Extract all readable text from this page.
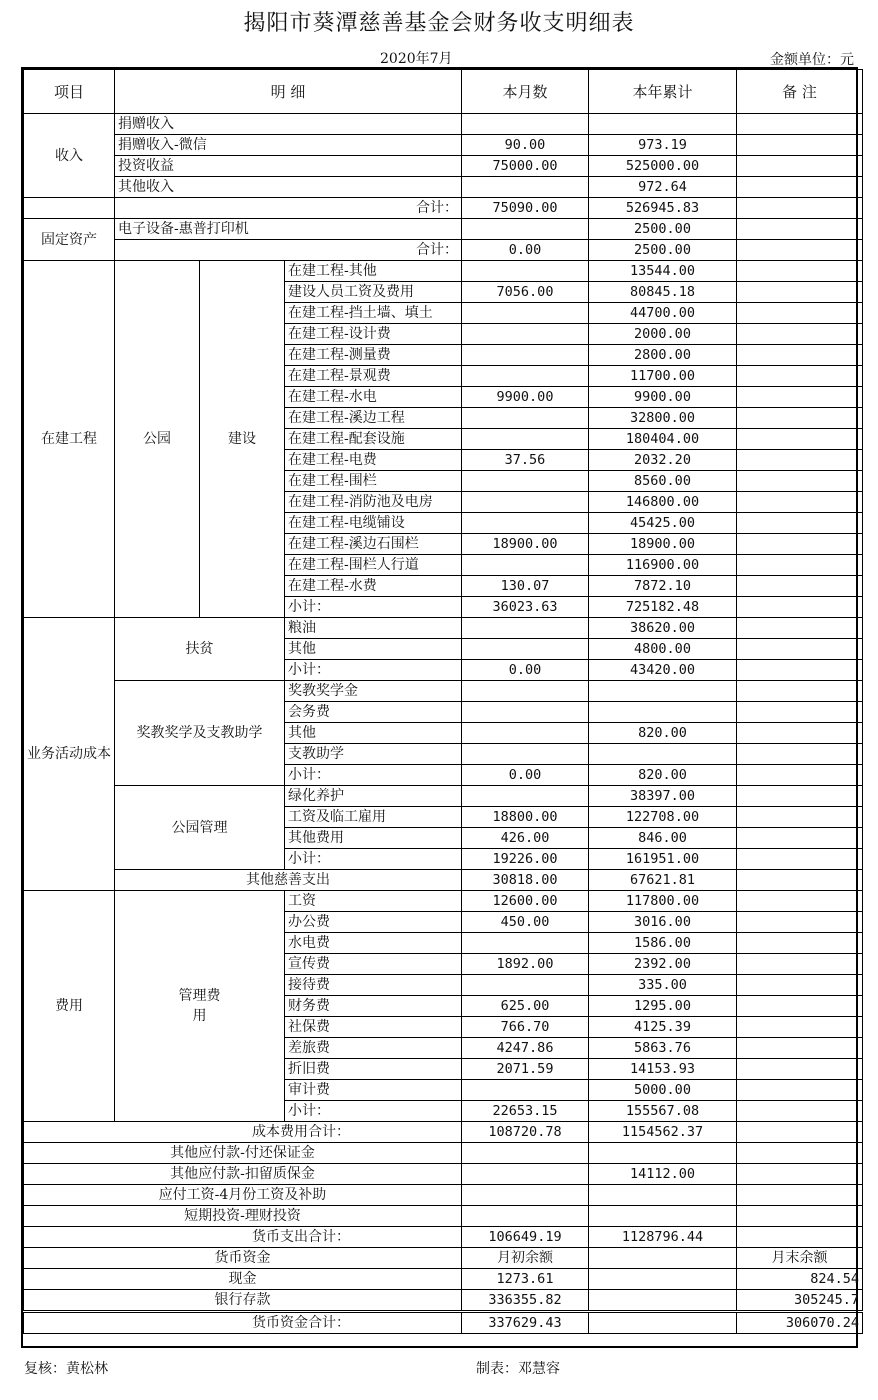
揭阳市葵潭慈善基金会财务收支明细表
2020年7月	金额单位：元
项目	明 细			本月数	本年累计	备 注
收入	捐赠收入					
	捐赠收入-微信			90.00	973.19	
	投资收益			75000.00	525000.00	
	其他收入				972.64	
	合计：			75090.00	526945.83	
固定资产	电子设备-惠普打印机				2500.00	
	合计：			0.00	2500.00	
在建工程	公园	建设	在建工程-其他		13544.00	
			建设人员工资及费用	7056.00	80845.18	
			在建工程-挡土墙、填土		44700.00	
			在建工程-设计费		2000.00	
			在建工程-测量费		2800.00	
			在建工程-景观费		11700.00	
			在建工程-水电	9900.00	9900.00	
			在建工程-溪边工程		32800.00	
			在建工程-配套设施		180404.00	
			在建工程-电费	37.56	2032.20	
			在建工程-围栏		8560.00	
			在建工程-消防池及电房		146800.00	
			在建工程-电缆铺设		45425.00	
			在建工程-溪边石围栏	18900.00	18900.00	
			在建工程-围栏人行道		116900.00	
			在建工程-水费	130.07	7872.10	
			小计：	36023.63	725182.48	
业务活动成本	扶贫		粮油		38620.00	
			其他		4800.00	
			小计：	0.00	43420.00	
	奖教奖学及支教助学		奖教奖学金			
			会务费			
			其他		820.00	
			支教助学			
			小计：	0.00	820.00	
	公园管理		绿化养护		38397.00	
			工资及临工雇用	18800.00	122708.00	
			其他费用	426.00	846.00	
			小计：	19226.00	161951.00	
	其他慈善支出			30818.00	67621.81	
费用	管理费用		工资	12600.00	117800.00	
			办公费	450.00	3016.00	
			水电费		1586.00	
			宣传费	1892.00	2392.00	
			接待费		335.00	
			财务费	625.00	1295.00	
			社保费	766.70	4125.39	
			差旅费	4247.86	5863.76	
			折旧费	2071.59	14153.93	
			审计费		5000.00	
			小计：	22653.15	155567.08	
成本费用合计：				108720.78	1154562.37	
其他应付款-付还保证金						
其他应付款-扣留质保金					14112.00	
应付工资-4月份工资及补助						
短期投资-理财投资						
货币支出合计：				106649.19	1128796.44	
货币资金				月初余额		月末余额
现金				1273.61		824.54
银行存款				336355.82		305245.7
货币资金合计：				337629.43		306070.24
复核：黄松林	制表：邓慧容
